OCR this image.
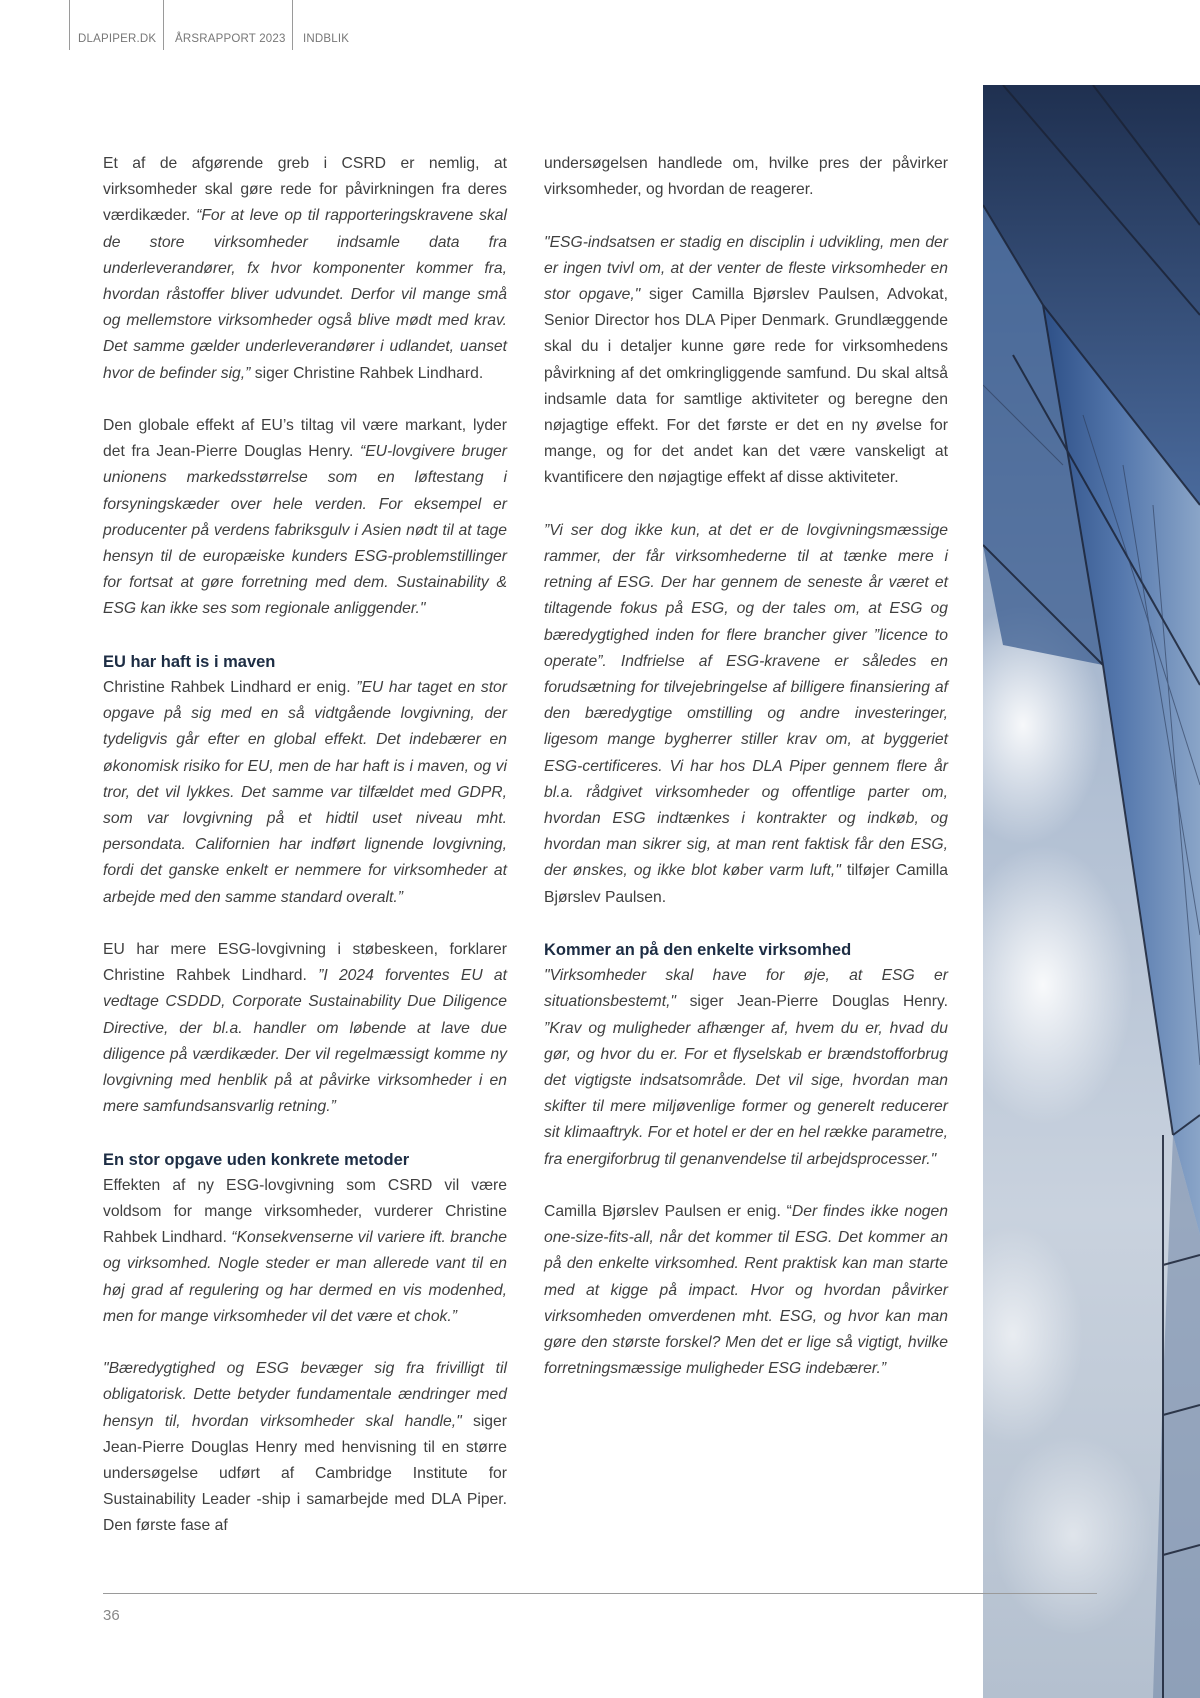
DLAPIPER.DK	ÅRSRAPPORT 2023	INDBLIK

Et af de afgørende greb i CSRD er nemlig, at virksomheder skal gøre rede for påvirkningen fra deres værdikæder. “For at leve op til rapporteringskravene skal de store virksomheder indsamle data fra underleverandører, fx hvor komponenter kommer fra, hvordan råstoffer bliver udvundet. Derfor vil mange små og mellemstore virksomheder også blive mødt med krav. Det samme gælder underleverandører i udlandet, uanset hvor de befinder sig,” siger Christine Rahbek Lindhard.

Den globale effekt af EU’s tiltag vil være markant, lyder det fra Jean-Pierre Douglas Henry. “EU-lovgivere bruger unionens markedsstørrelse som en løftestang i forsyningskæder over hele verden. For eksempel er producenter på verdens fabriksgulv i Asien nødt til at tage hensyn til de europæiske kunders ESG-problemstillinger for fortsat at gøre forretning med dem. Sustainability & ESG kan ikke ses som regionale anliggender."

EU har haft is i maven

Christine Rahbek Lindhard er enig. ”EU har taget en stor opgave på sig med en så vidtgående lovgivning, der tydeligvis går efter en global effekt. Det indebærer en økonomisk risiko for EU, men de har haft is i maven, og vi tror, det vil lykkes. Det samme var tilfældet med GDPR, som var lovgivning på et hidtil uset niveau mht. persondata. Californien har indført lignende lovgivning, fordi det ganske enkelt er nemmere for virksomheder at arbejde med den samme standard overalt.”

EU har mere ESG-lovgivning i støbeskeen, forklarer Christine Rahbek Lindhard. ”I 2024 forventes EU at vedtage CSDDD, Corporate Sustainability Due Diligence Directive, der bl.a. handler om løbende at lave due diligence på værdikæder. Der vil regelmæssigt komme ny lovgivning med henblik på at påvirke virksomheder i en mere samfundsansvarlig retning.”

En stor opgave uden konkrete metoder

Effekten af ny ESG-lovgivning som CSRD vil være voldsom for mange virksomheder, vurderer Christine Rahbek Lindhard. “Konsekvenserne vil variere ift. branche og virksomhed. Nogle steder er man allerede vant til en høj grad af regulering og har dermed en vis modenhed, men for mange virksomheder vil det være et chok.”

"Bæredygtighed og ESG bevæger sig fra frivilligt til obligatorisk. Dette betyder fundamentale ændringer med hensyn til, hvordan virksomheder skal handle," siger Jean-Pierre Douglas Henry med henvisning til en større undersøgelse udført af Cambridge Institute for Sustainability Leader -ship i samarbejde med DLA Piper. Den første fase af

undersøgelsen handlede om, hvilke pres der påvirker virksomheder, og hvordan de reagerer.

"ESG-indsatsen er stadig en disciplin i udvikling, men der er ingen tvivl om, at der venter de fleste virksomheder en stor opgave," siger Camilla Bjørslev Paulsen, Advokat, Senior Director hos DLA Piper Denmark. Grundlæggende skal du i detaljer kunne gøre rede for virksomhedens påvirkning af det omkringliggende samfund. Du skal altså indsamle data for samtlige aktiviteter og beregne den nøjagtige effekt. For det første er det en ny øvelse for mange, og for det andet kan det være vanskeligt at kvantificere den nøjagtige effekt af disse aktiviteter.

”Vi ser dog ikke kun, at det er de lovgivningsmæssige rammer, der får virksomhederne til at tænke mere i retning af ESG. Der har gennem de seneste år været et tiltagende fokus på ESG, og der tales om, at ESG og bæredygtighed inden for flere brancher giver ”licence to operate”. Indfrielse af ESG-kravene er således en forudsætning for tilvejebringelse af billigere finansiering af den bæredygtige omstilling og andre investeringer, ligesom mange bygherrer stiller krav om, at byggeriet ESG-certificeres. Vi har hos DLA Piper gennem flere år bl.a. rådgivet virksomheder og offentlige parter om, hvordan ESG indtænkes i kontrakter og indkøb, og hvordan man sikrer sig, at man rent faktisk får den ESG, der ønskes, og ikke blot køber varm luft," tilføjer Camilla Bjørslev Paulsen.

Kommer an på den enkelte virksomhed

"Virksomheder skal have for øje, at ESG er situationsbestemt," siger Jean-Pierre Douglas Henry. ”Krav og muligheder afhænger af, hvem du er, hvad du gør, og hvor du er. For et flyselskab er brændstofforbrug det vigtigste indsatsområde. Det vil sige, hvordan man skifter til mere miljøvenlige former og generelt reducerer sit klimaaftryk. For et hotel er der en hel række parametre, fra energiforbrug til genanvendelse til arbejdsprocesser."

Camilla Bjørslev Paulsen er enig. “Der findes ikke nogen one-size-fits-all, når det kommer til ESG. Det kommer an på den enkelte virksomhed. Rent praktisk kan man starte med at kigge på impact. Hvor og hvordan påvirker virksomheden omverdenen mht. ESG, og hvor kan man gøre den største forskel? Men det er lige så vigtigt, hvilke forretningsmæssige muligheder ESG indebærer.”

36
